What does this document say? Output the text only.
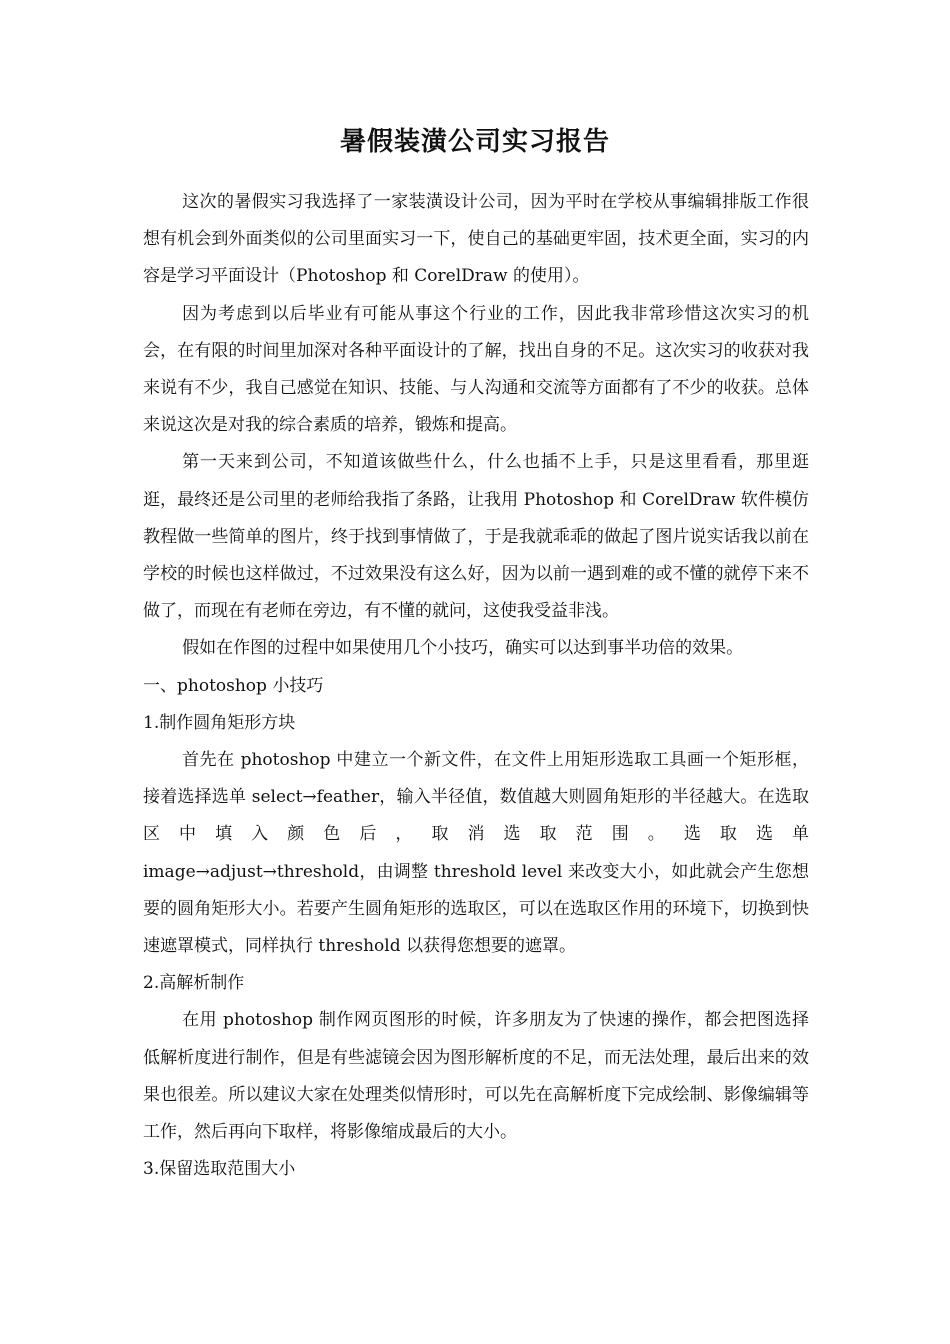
暑假装潢公司实习报告

这次的暑假实习我选择了一家装潢设计公司，因为平时在学校从事编辑排版工作很想有机会到外面类似的公司里面实习一下，使自己的基础更牢固，技术更全面，实习的内容是学习平面设计（Photoshop 和 CorelDraw 的使用）。

因为考虑到以后毕业有可能从事这个行业的工作，因此我非常珍惜这次实习的机会，在有限的时间里加深对各种平面设计的了解，找出自身的不足。这次实习的收获对我来说有不少，我自己感觉在知识、技能、与人沟通和交流等方面都有了不少的收获。总体来说这次是对我的综合素质的培养，锻炼和提高。

第一天来到公司，不知道该做些什么，什么也插不上手，只是这里看看，那里逛逛，最终还是公司里的老师给我指了条路，让我用 Photoshop 和 CorelDraw 软件模仿教程做一些简单的图片，终于找到事情做了，于是我就乖乖的做起了图片说实话我以前在学校的时候也这样做过，不过效果没有这么好，因为以前一遇到难的或不懂的就停下来不做了，而现在有老师在旁边，有不懂的就问，这使我受益非浅。

假如在作图的过程中如果使用几个小技巧，确实可以达到事半功倍的效果。

一、photoshop 小技巧

1.制作圆角矩形方块

首先在 photoshop 中建立一个新文件，在文件上用矩形选取工具画一个矩形框，接着选择选单 select→feather，输入半径值，数值越大则圆角矩形的半径越大。在选取区中填入颜色后，取消选取范围。选取选单

image→adjust→threshold，由调整 threshold level 来改变大小，如此就会产生您想要的圆角矩形大小。若要产生圆角矩形的选取区，可以在选取区作用的环境下，切换到快速遮罩模式，同样执行 threshold 以获得您想要的遮罩。

2.高解析制作

在用 photoshop 制作网页图形的时候，许多朋友为了快速的操作，都会把图选择低解析度进行制作，但是有些滤镜会因为图形解析度的不足，而无法处理，最后出来的效果也很差。所以建议大家在处理类似情形时，可以先在高解析度下完成绘制、影像编辑等工作，然后再向下取样，将影像缩成最后的大小。

3.保留选取范围大小
